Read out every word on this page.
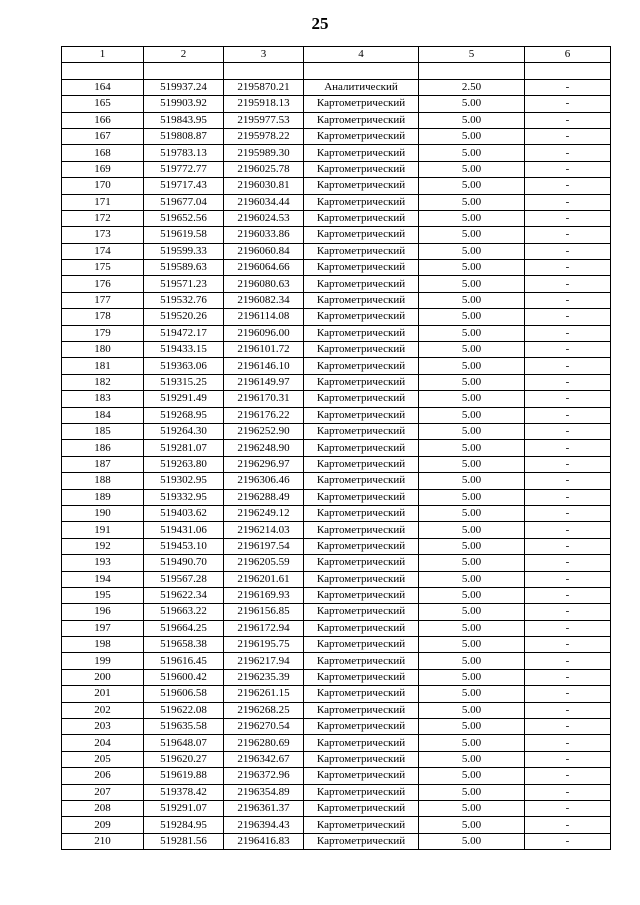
25
1	2	3	4	5	6

164	519937.24	2195870.21	Аналитический	2.50	-
165	519903.92	2195918.13	Картометрический	5.00	-
166	519843.95	2195977.53	Картометрический	5.00	-
167	519808.87	2195978.22	Картометрический	5.00	-
168	519783.13	2195989.30	Картометрический	5.00	-
169	519772.77	2196025.78	Картометрический	5.00	-
170	519717.43	2196030.81	Картометрический	5.00	-
171	519677.04	2196034.44	Картометрический	5.00	-
172	519652.56	2196024.53	Картометрический	5.00	-
173	519619.58	2196033.86	Картометрический	5.00	-
174	519599.33	2196060.84	Картометрический	5.00	-
175	519589.63	2196064.66	Картометрический	5.00	-
176	519571.23	2196080.63	Картометрический	5.00	-
177	519532.76	2196082.34	Картометрический	5.00	-
178	519520.26	2196114.08	Картометрический	5.00	-
179	519472.17	2196096.00	Картометрический	5.00	-
180	519433.15	2196101.72	Картометрический	5.00	-
181	519363.06	2196146.10	Картометрический	5.00	-
182	519315.25	2196149.97	Картометрический	5.00	-
183	519291.49	2196170.31	Картометрический	5.00	-
184	519268.95	2196176.22	Картометрический	5.00	-
185	519264.30	2196252.90	Картометрический	5.00	-
186	519281.07	2196248.90	Картометрический	5.00	-
187	519263.80	2196296.97	Картометрический	5.00	-
188	519302.95	2196306.46	Картометрический	5.00	-
189	519332.95	2196288.49	Картометрический	5.00	-
190	519403.62	2196249.12	Картометрический	5.00	-
191	519431.06	2196214.03	Картометрический	5.00	-
192	519453.10	2196197.54	Картометрический	5.00	-
193	519490.70	2196205.59	Картометрический	5.00	-
194	519567.28	2196201.61	Картометрический	5.00	-
195	519622.34	2196169.93	Картометрический	5.00	-
196	519663.22	2196156.85	Картометрический	5.00	-
197	519664.25	2196172.94	Картометрический	5.00	-
198	519658.38	2196195.75	Картометрический	5.00	-
199	519616.45	2196217.94	Картометрический	5.00	-
200	519600.42	2196235.39	Картометрический	5.00	-
201	519606.58	2196261.15	Картометрический	5.00	-
202	519622.08	2196268.25	Картометрический	5.00	-
203	519635.58	2196270.54	Картометрический	5.00	-
204	519648.07	2196280.69	Картометрический	5.00	-
205	519620.27	2196342.67	Картометрический	5.00	-
206	519619.88	2196372.96	Картометрический	5.00	-
207	519378.42	2196354.89	Картометрический	5.00	-
208	519291.07	2196361.37	Картометрический	5.00	-
209	519284.95	2196394.43	Картометрический	5.00	-
210	519281.56	2196416.83	Картометрический	5.00	-
